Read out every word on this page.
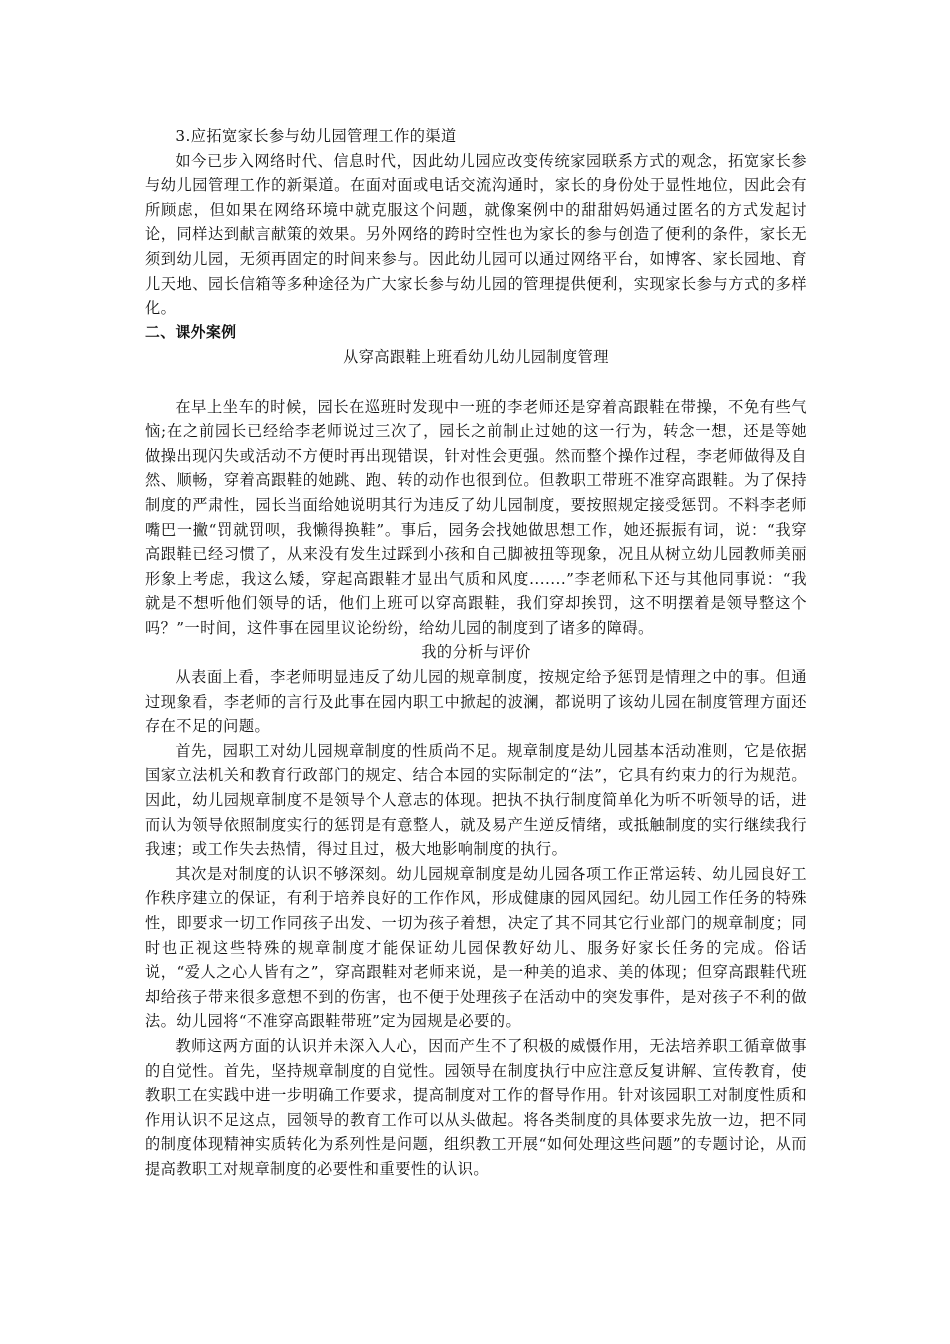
3.应拓宽家长参与幼儿园管理工作的渠道

如今已步入网络时代、信息时代，因此幼儿园应改变传统家园联系方式的观念，拓宽家长参与幼儿园管理工作的新渠道。在面对面或电话交流沟通时，家长的身份处于显性地位，因此会有所顾虑，但如果在网络环境中就克服这个问题，就像案例中的甜甜妈妈通过匿名的方式发起讨论，同样达到献言献策的效果。另外网络的跨时空性也为家长的参与创造了便利的条件，家长无须到幼儿园，无须再固定的时间来参与。因此幼儿园可以通过网络平台，如博客、家长园地、育儿天地、园长信箱等多种途径为广大家长参与幼儿园的管理提供便利，实现家长参与方式的多样化。

二、课外案例

从穿高跟鞋上班看幼儿幼儿园制度管理

在早上坐车的时候，园长在巡班时发现中一班的李老师还是穿着高跟鞋在带操，不免有些气恼;在之前园长已经给李老师说过三次了，园长之前制止过她的这一行为，转念一想，还是等她做操出现闪失或活动不方便时再出现错误，针对性会更强。然而整个操作过程，李老师做得及自然、顺畅，穿着高跟鞋的她跳、跑、转的动作也很到位。但教职工带班不准穿高跟鞋。为了保持制度的严肃性，园长当面给她说明其行为违反了幼儿园制度，要按照规定接受惩罚。不料李老师嘴巴一撇“罚就罚呗，我懒得换鞋”。事后，园务会找她做思想工作，她还振振有词，说：“我穿高跟鞋已经习惯了，从来没有发生过踩到小孩和自己脚被扭等现象，况且从树立幼儿园教师美丽形象上考虑，我这么矮，穿起高跟鞋才显出气质和风度.......”李老师私下还与其他同事说：“我就是不想听他们领导的话，他们上班可以穿高跟鞋，我们穿却挨罚，这不明摆着是领导整这个吗？”一时间，这件事在园里议论纷纷，给幼儿园的制度到了诸多的障碍。

我的分析与评价

从表面上看，李老师明显违反了幼儿园的规章制度，按规定给予惩罚是情理之中的事。但通过现象看，李老师的言行及此事在园内职工中掀起的波澜，都说明了该幼儿园在制度管理方面还存在不足的问题。

首先，园职工对幼儿园规章制度的性质尚不足。规章制度是幼儿园基本活动准则，它是依据国家立法机关和教育行政部门的规定、结合本园的实际制定的“法”，它具有约束力的行为规范。因此，幼儿园规章制度不是领导个人意志的体现。把执不执行制度简单化为听不听领导的话，进而认为领导依照制度实行的惩罚是有意整人，就及易产生逆反情绪，或抵触制度的实行继续我行我速；或工作失去热情，得过且过，极大地影响制度的执行。

其次是对制度的认识不够深刻。幼儿园规章制度是幼儿园各项工作正常运转、幼儿园良好工作秩序建立的保证，有利于培养良好的工作作风，形成健康的园风园纪。幼儿园工作任务的特殊性，即要求一切工作同孩子出发、一切为孩子着想，决定了其不同其它行业部门的规章制度；同时也正视这些特殊的规章制度才能保证幼儿园保教好幼儿、服务好家长任务的完成。俗话说，“爱人之心人皆有之”，穿高跟鞋对老师来说，是一种美的追求、美的体现；但穿高跟鞋代班却给孩子带来很多意想不到的伤害，也不便于处理孩子在活动中的突发事件，是对孩子不利的做法。幼儿园将“不准穿高跟鞋带班”定为园规是必要的。

教师这两方面的认识并未深入人心，因而产生不了积极的威慑作用，无法培养职工循章做事的自觉性。首先，坚持规章制度的自觉性。园领导在制度执行中应注意反复讲解、宣传教育，使教职工在实践中进一步明确工作要求，提高制度对工作的督导作用。针对该园职工对制度性质和作用认识不足这点，园领导的教育工作可以从头做起。将各类制度的具体要求先放一边，把不同的制度体现精神实质转化为系列性是问题，组织教工开展“如何处理这些问题”的专题讨论，从而提高教职工对规章制度的必要性和重要性的认识。
